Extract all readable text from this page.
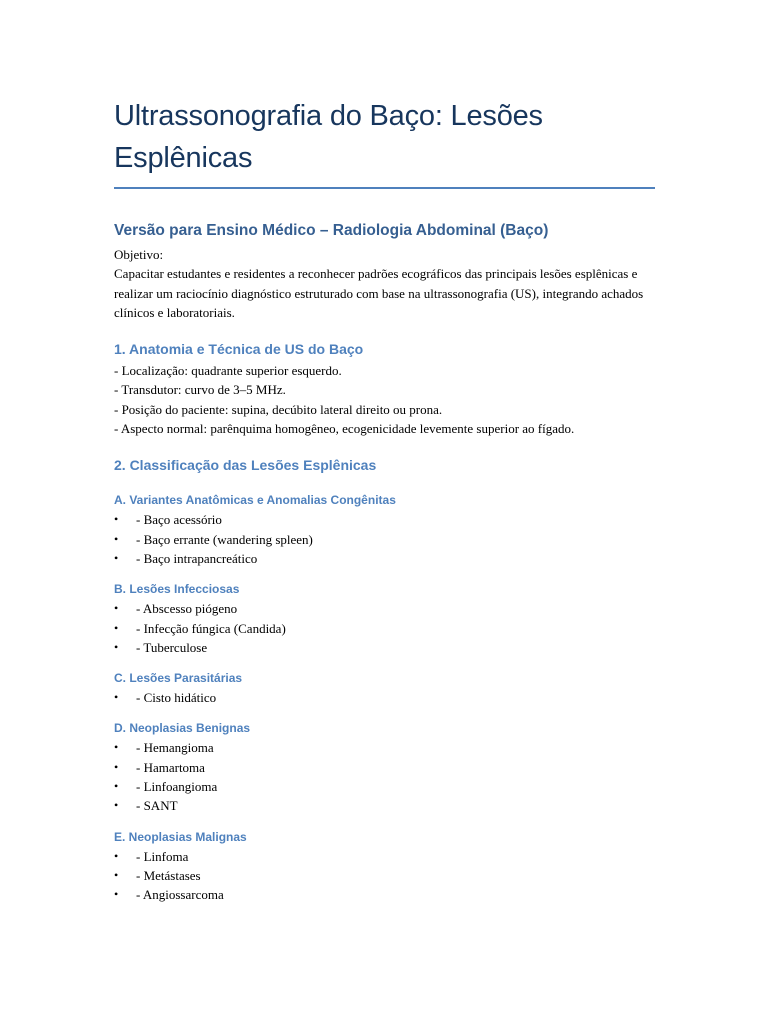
Ultrassonografia do Baço: Lesões
Esplênicas
Versão para Ensino Médico – Radiologia Abdominal (Baço)

Objetivo:

Capacitar estudantes e residentes a reconhecer padrões ecográficos das principais lesões esplênicas e realizar um raciocínio diagnóstico estruturado com base na ultrassonografia (US), integrando achados clínicos e laboratoriais.

1. Anatomia e Técnica de US do Baço
- Localização: quadrante superior esquerdo.
- Transdutor: curvo de 3–5 MHz.
- Posição do paciente: supina, decúbito lateral direito ou prona.
- Aspecto normal: parênquima homogêneo, ecogenicidade levemente superior ao fígado.
2. Classificação das Lesões Esplênicas
A. Variantes Anatômicas e Anomalias Congênitas
• - Baço acessório
• - Baço errante (wandering spleen)
• - Baço intrapancreático
B. Lesões Infecciosas
• - Abscesso piógeno
• - Infecção fúngica (Candida)
• - Tuberculose
C. Lesões Parasitárias
• - Cisto hidático
D. Neoplasias Benignas
• - Hemangioma
• - Hamartoma
• - Linfoangioma
• - SANT
E. Neoplasias Malignas
• - Linfoma
• - Metástases
• - Angiossarcoma
